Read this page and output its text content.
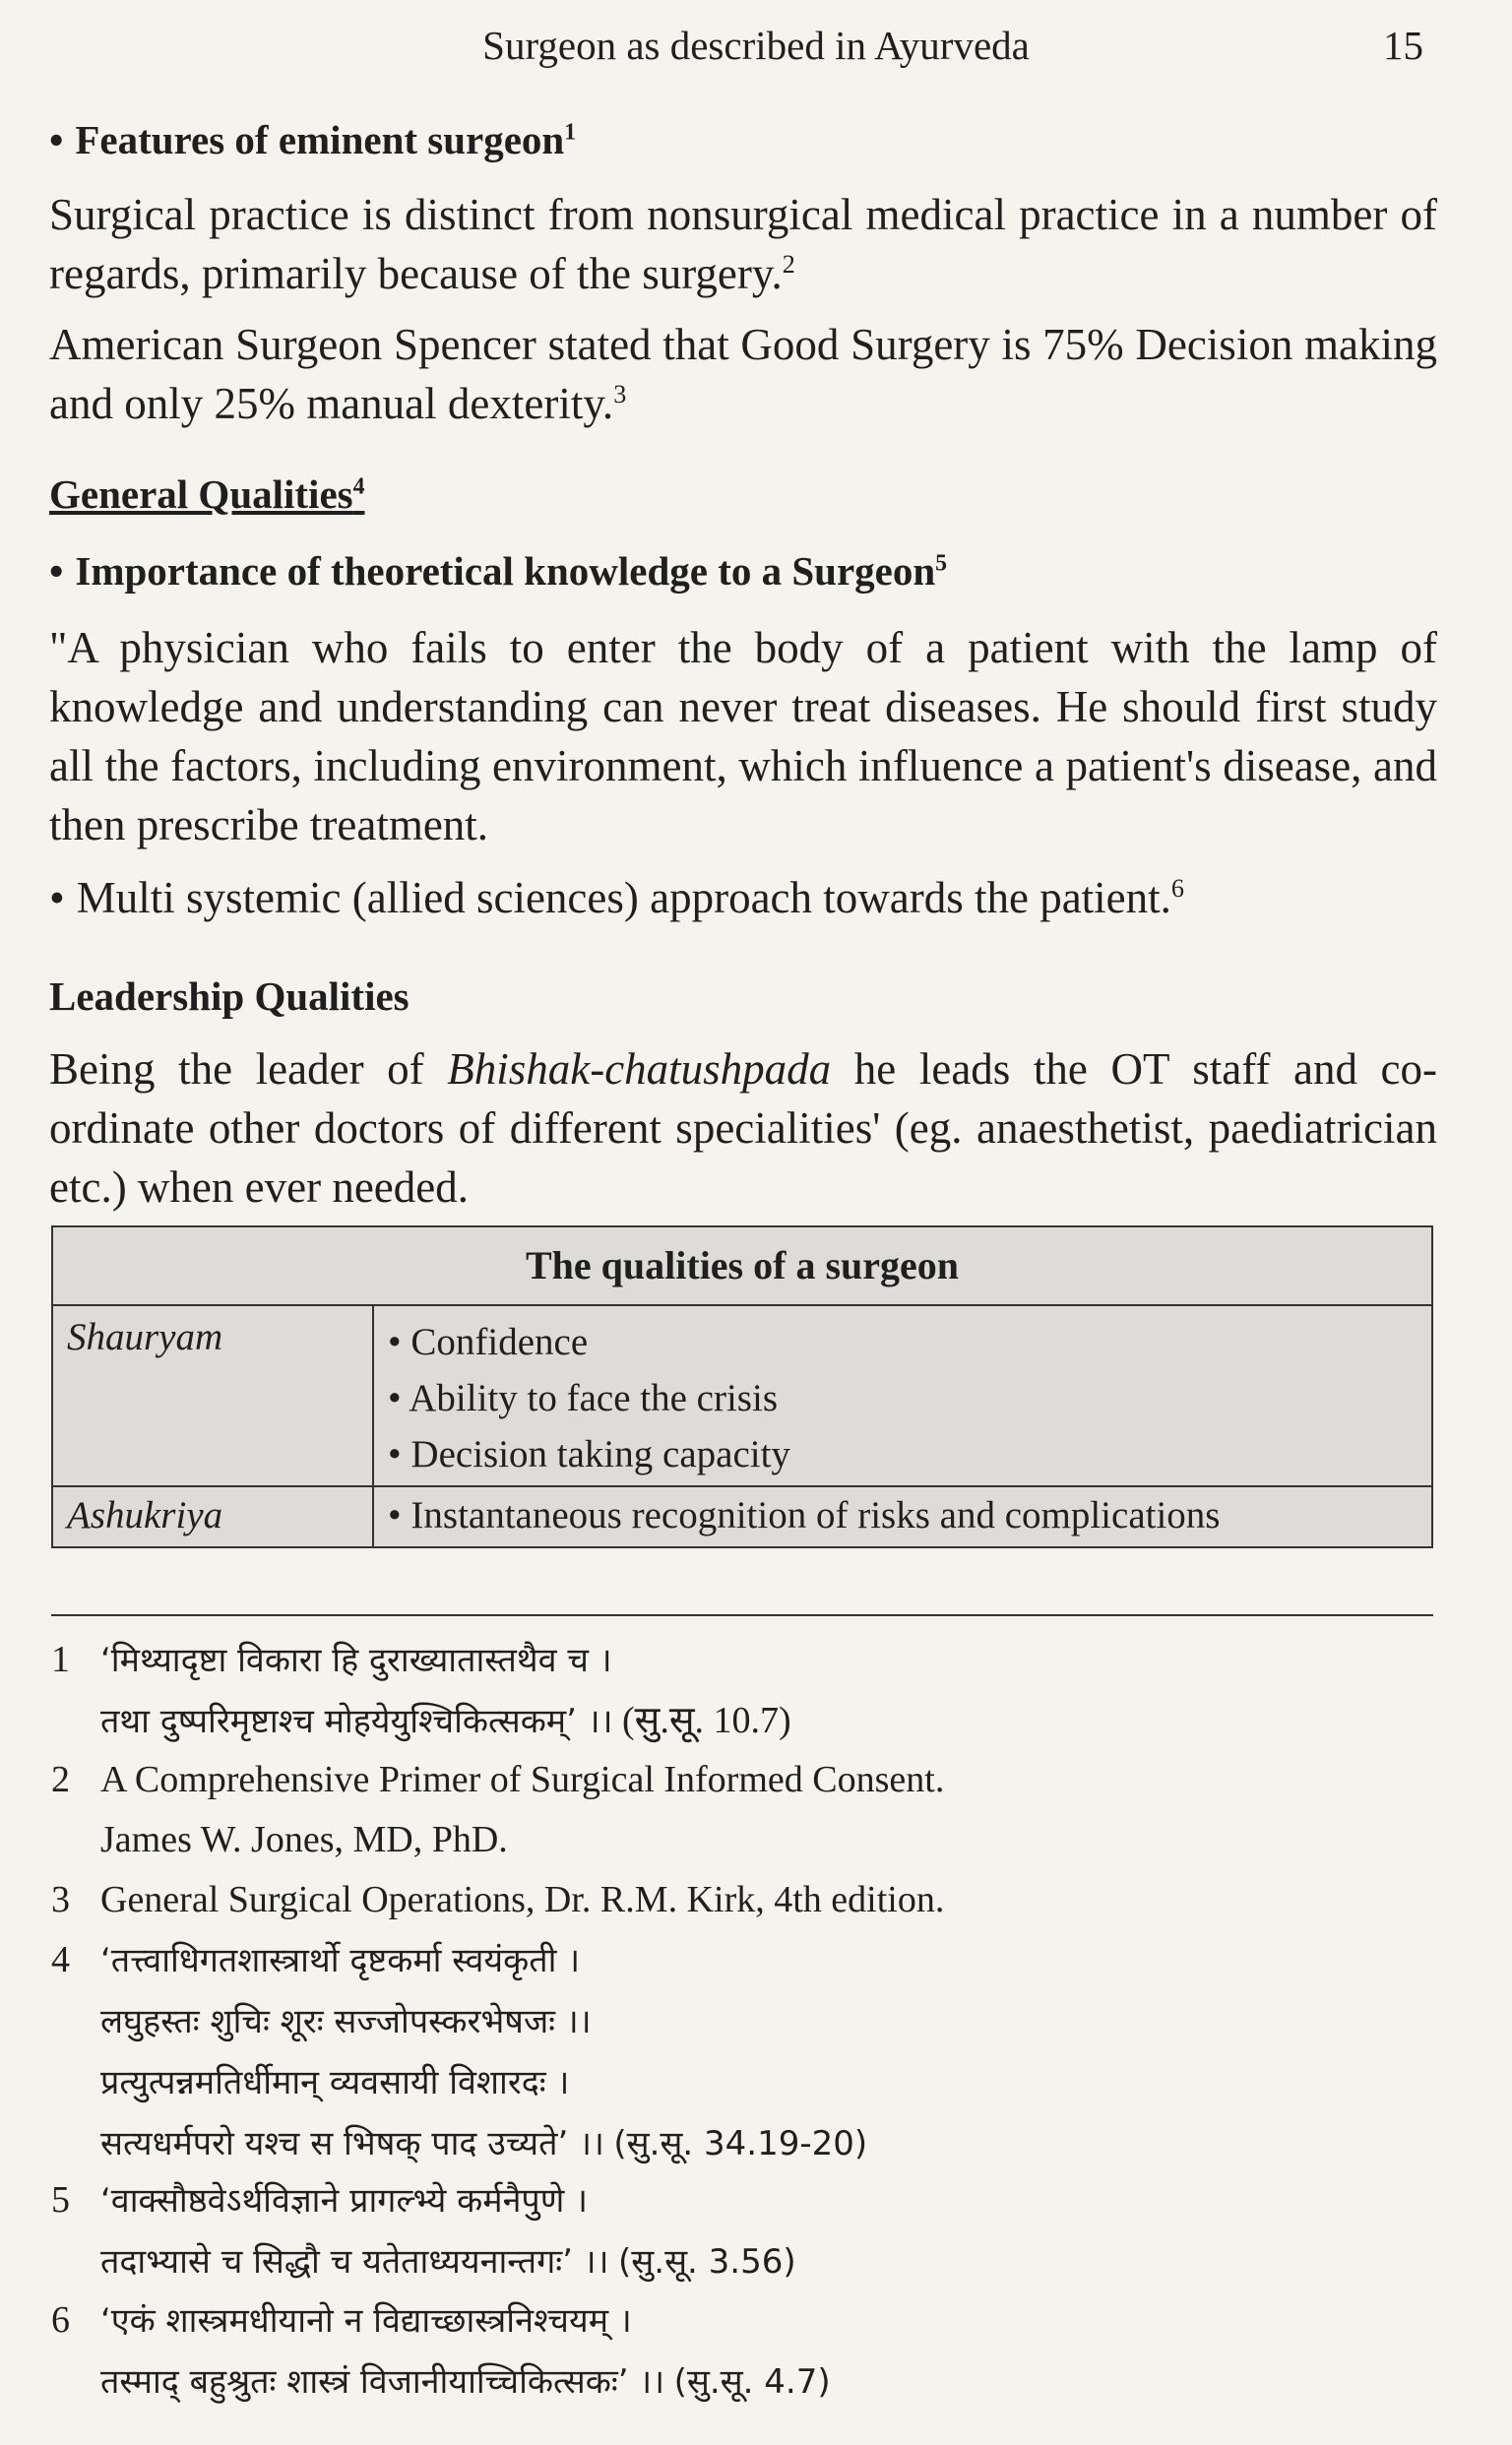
Surgeon as described in Ayurveda	15
• Features of eminent surgeon$^1$
Surgical practice is distinct from nonsurgical medical practice in a number of regards, primarily because of the surgery.$^2$
American Surgeon Spencer stated that Good Surgery is 75% Decision making and only 25% manual dexterity.$^3$
General Qualities$^4$
• Importance of theoretical knowledge to a Surgeon$^5$
"A physician who fails to enter the body of a patient with the lamp of knowledge and understanding can never treat diseases. He should first study all the factors, including environment, which influence a patient's disease, and then prescribe treatment.
• Multi systemic (allied sciences) approach towards the patient.$^6$
Leadership Qualities
Being the leader of Bhishak-chatushpada he leads the OT staff and co-ordinate other doctors of different specialities' (eg. anaesthetist, paediatrician etc.) when ever needed.
The qualities of a surgeon
Shauryam	• Confidence
• Ability to face the crisis
• Decision taking capacity
Ashukriya	• Instantaneous recognition of risks and complications
1 ‘मिथ्यादृष्टा विकारा हि दुराख्यातास्तथैव च ।
तथा दुष्परिमृष्टाश्च मोहयेयुश्चिकित्सकम्’ ।। (सु.सू. 10.7)
2 A Comprehensive Primer of Surgical Informed Consent.
James W. Jones, MD, PhD.
3 General Surgical Operations, Dr. R.M. Kirk, 4th edition.
4 ‘तत्त्वाधिगतशास्त्रार्थो दृष्टकर्मा स्वयंकृती ।
लघुहस्तः शुचिः शूरः सज्जोपस्करभेषजः ।।
प्रत्युत्पन्नमतिर्धीमान् व्यवसायी विशारदः ।
सत्यधर्मपरो यश्च स भिषक् पाद उच्यते’ ।। (सु.सू. 34.19-20)
5 ‘वाक्सौष्ठवेऽर्थविज्ञाने प्रागल्भ्ये कर्मनैपुणे ।
तदाभ्यासे च सिद्धौ च यतेताध्ययनान्तगः’ ।। (सु.सू. 3.56)
6 ‘एकं शास्त्रमधीयानो न विद्याच्छास्त्रनिश्चयम् ।
तस्माद् बहुश्रुतः शास्त्रं विजानीयाच्चिकित्सकः’ ।। (सु.सू. 4.7)
